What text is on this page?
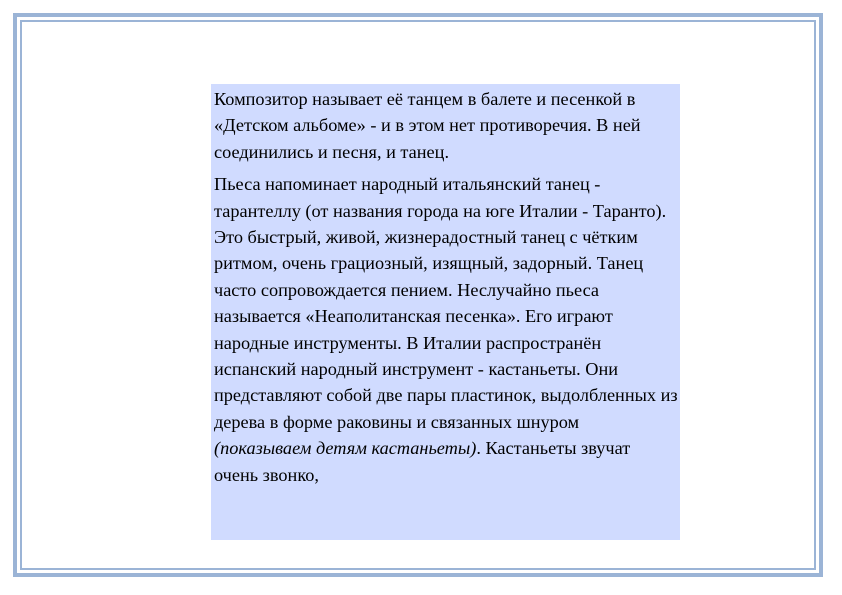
Композитор называет её танцем в балете и песенкой в «Детском альбоме» - и в этом нет противоречия. В ней соединились и песня, и танец.

Пьеса напоминает народный итальянский танец - тарантеллу (от названия города на юге Италии - Таранто). Это быстрый, живой, жизнерадостный танец с чётким ритмом, очень грациозный, изящный, задорный. Танец часто сопровождается пением. Неслучайно пьеса называется «Неаполитанская песенка». Его играют народные инструменты. В Италии распространён испанский народный инструмент - кастаньеты. Они представляют собой две пары пластинок, выдолбленных из дерева в форме раковины и связанных шнуром (показываем детям кастаньеты). Кастаньеты звучат очень звонко,
